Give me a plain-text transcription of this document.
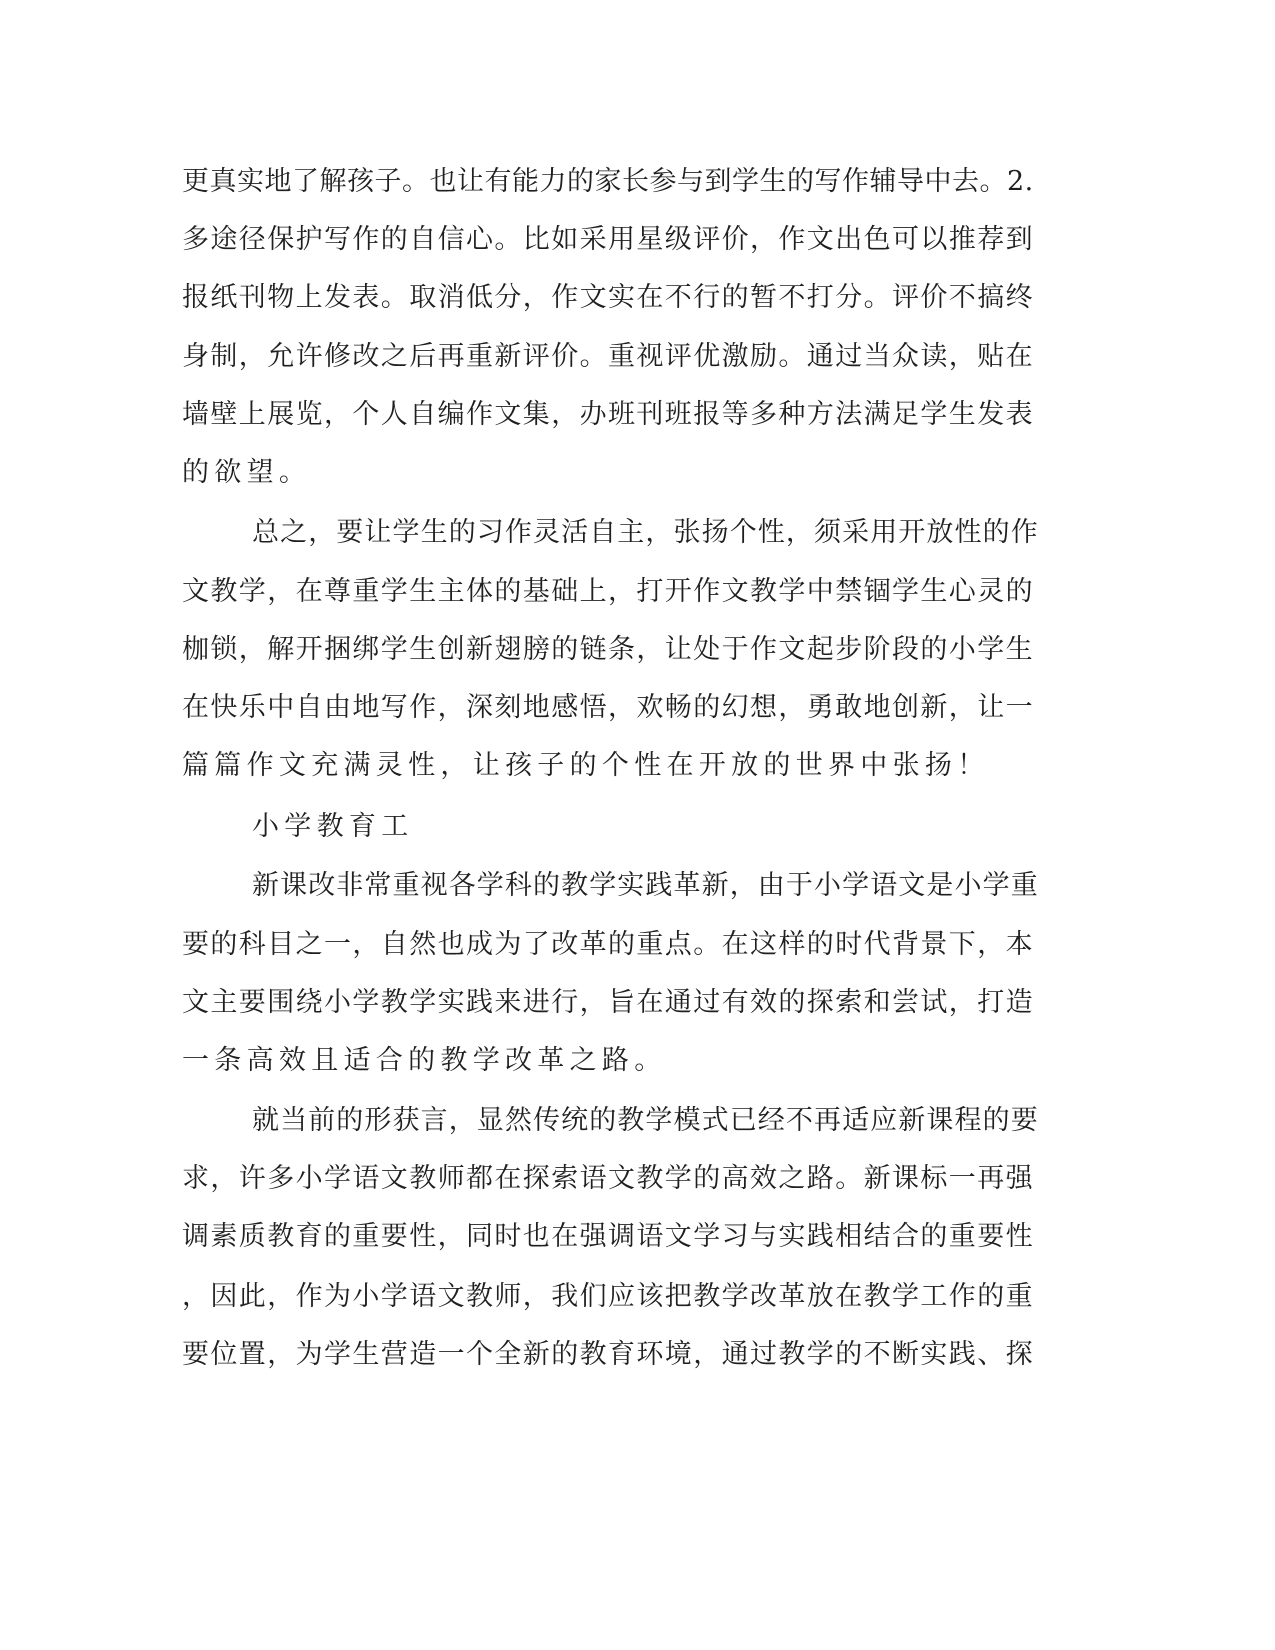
更真实地了解孩子。也让有能力的家长参与到学生的写作辅导中去。2.
多途径保护写作的自信心。比如采用星级评价，作文出色可以推荐到
报纸刊物上发表。取消低分，作文实在不行的暂不打分。评价不搞终
身制，允许修改之后再重新评价。重视评优激励。通过当众读，贴在
墙壁上展览，个人自编作文集，办班刊班报等多种方法满足学生发表
的欲望。
总之，要让学生的习作灵活自主，张扬个性，须采用开放性的作
文教学，在尊重学生主体的基础上，打开作文教学中禁锢学生心灵的
枷锁，解开捆绑学生创新翅膀的链条，让处于作文起步阶段的小学生
在快乐中自由地写作，深刻地感悟，欢畅的幻想，勇敢地创新，让一
篇篇作文充满灵性，让孩子的个性在开放的世界中张扬！
小学教育工
新课改非常重视各学科的教学实践革新，由于小学语文是小学重
要的科目之一，自然也成为了改革的重点。在这样的时代背景下，本
文主要围绕小学教学实践来进行，旨在通过有效的探索和尝试，打造
一条高效且适合的教学改革之路。
就当前的形获言，显然传统的教学模式已经不再适应新课程的要
求，许多小学语文教师都在探索语文教学的高效之路。新课标一再强
调素质教育的重要性，同时也在强调语文学习与实践相结合的重要性
，因此，作为小学语文教师，我们应该把教学改革放在教学工作的重
要位置，为学生营造一个全新的教育环境，通过教学的不断实践、探
